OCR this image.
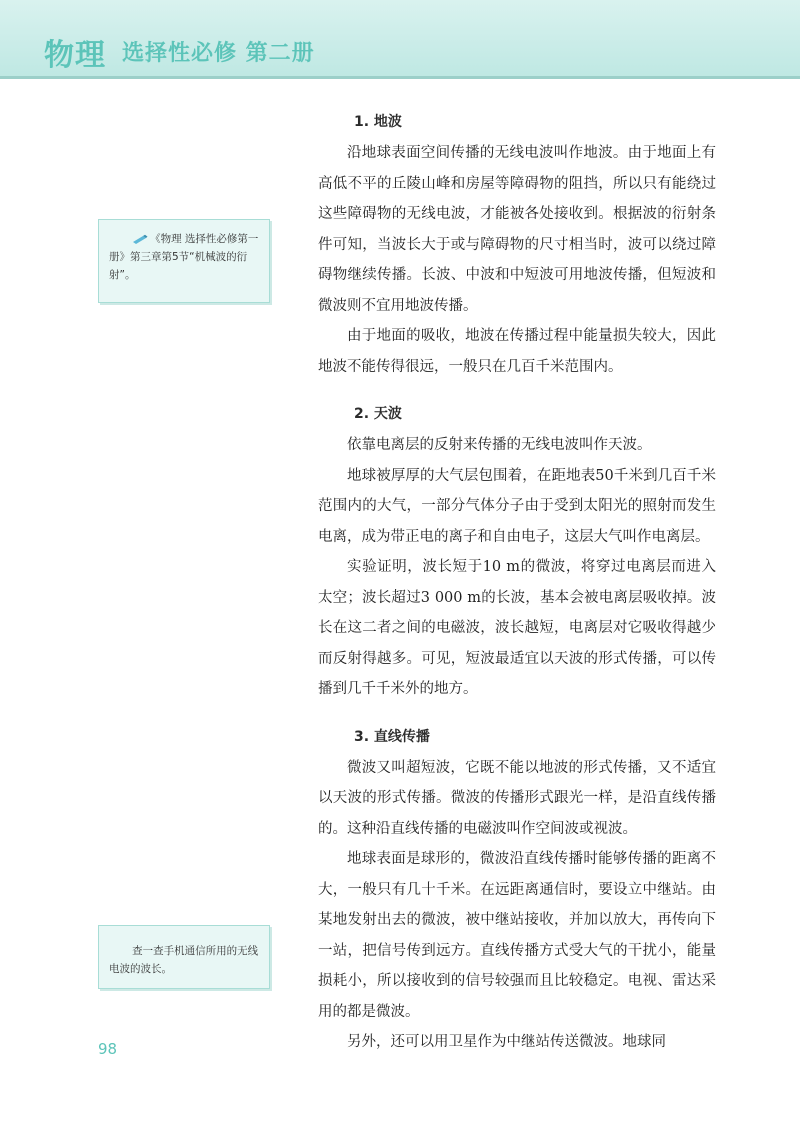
物理 选择性必修 第二册
《物理 选择性必修第一册》第三章第5节“机械波的衍射”。
查一查手机通信所用的无线电波的波长。
1. 地波

沿地球表面空间传播的无线电波叫作地波。由于地面上有高低不平的丘陵山峰和房屋等障碍物的阻挡，所以只有能绕过这些障碍物的无线电波，才能被各处接收到。根据波的衍射条件可知，当波长大于或与障碍物的尺寸相当时，波可以绕过障碍物继续传播。长波、中波和中短波可用地波传播，但短波和微波则不宜用地波传播。

由于地面的吸收，地波在传播过程中能量损失较大，因此地波不能传得很远，一般只在几百千米范围内。

2. 天波

依靠电离层的反射来传播的无线电波叫作天波。

地球被厚厚的大气层包围着，在距地表50千米到几百千米范围内的大气，一部分气体分子由于受到太阳光的照射而发生电离，成为带正电的离子和自由电子，这层大气叫作电离层。

实验证明，波长短于10 m的微波，将穿过电离层而进入太空；波长超过3 000 m的长波，基本会被电离层吸收掉。波长在这二者之间的电磁波，波长越短，电离层对它吸收得越少而反射得越多。可见，短波最适宜以天波的形式传播，可以传播到几千千米外的地方。

3. 直线传播

微波又叫超短波，它既不能以地波的形式传播，又不适宜以天波的形式传播。微波的传播形式跟光一样，是沿直线传播的。这种沿直线传播的电磁波叫作空间波或视波。

地球表面是球形的，微波沿直线传播时能够传播的距离不大，一般只有几十千米。在远距离通信时，要设立中继站。由某地发射出去的微波，被中继站接收，并加以放大，再传向下一站，把信号传到远方。直线传播方式受大气的干扰小，能量损耗小，所以接收到的信号较强而且比较稳定。电视、雷达采用的都是微波。

另外，还可以用卫星作为中继站传送微波。地球同

98
